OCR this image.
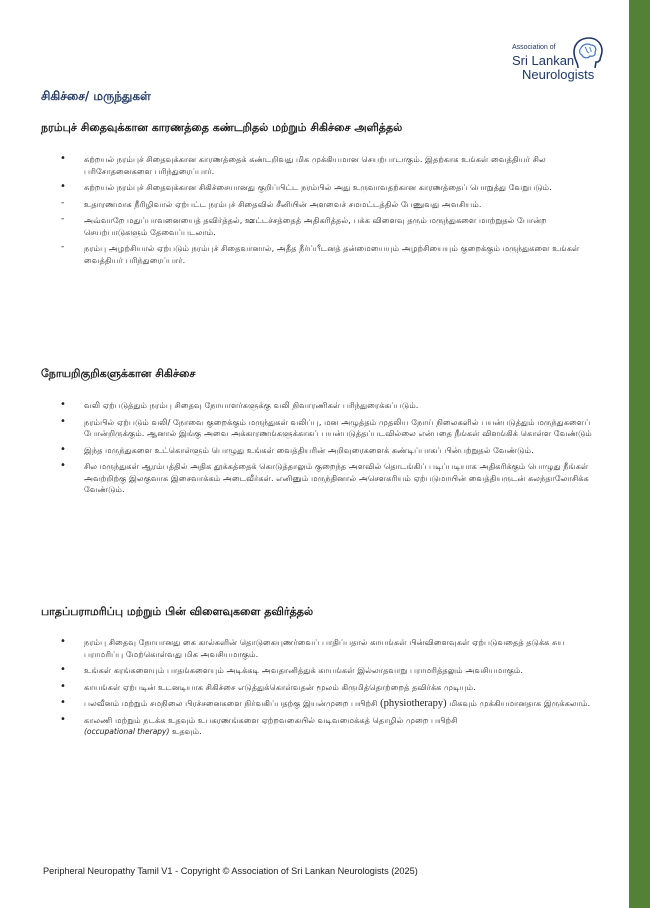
Association of
Sri Lankan
Neurologists
சிகிச்சை/ மருந்துகள்
நரம்புச் சிதைவுக்கான காரணத்தை கண்டறிதல் மற்றும் சிகிச்சை அளித்தல்
• சுற்றயல் நரம்புச் சிதைவுக்கான காரணத்தைக் கண்டறிவது மிக முக்கியமான செயற்பாடாகும். இதற்காக உங்கள் வைத்தியர் சில பரிசோதனைகளை பரிந்துரைப்பார்.
• சுற்றயல் நரம்புச் சிதைவுக்கான சிகிச்சையானது குறிப்பிட்ட நரம்பில் அது உருவாவதற்கான காரணத்தைப் பொறுத்து வேறுபடும்.
- உதாரணமாக நீரிழிவால் ஏற்பட்ட நரம்புச் சிதைவில் சீனியின் அளவைச் சமமட்டத்தில் பேணுவது அவசியம்.
- அவ்வாறே மதுப்பாவனையைத் தவிர்த்தல், ஊட்டச்சத்தைத் அதிகரித்தல், பக்க விளைவு தரும் மருந்துகளை மாற்றுதல் போன்ற செயற்பாடுகளும் தேவைப்படலாம்.
- நரம்பு அழற்சியால் ஏற்படும் நரம்புச் சிதைவானால், அதீத நீர்ப்பீடனத் தன்மையையும் அழற்சியையும் குறைக்கும் மருந்துகளை உங்கள் வைத்தியர் பரிந்துரைப்பார்.
நோயறிகுறிகளுக்கான சிகிச்சை
• வலி ஏற்படுத்தும் நரம்பு சிதைவு நோயாளர்களுக்கு வலி நிவாரணிகள் பரிந்துரைக்கப்படும்.
• நரம்பில் ஏற்படும் வலி/ நோவை குறைக்கும் மருந்துகள் வலிப்பு, மன அழுத்தம் முதலிய நோய் நிலைகளில் பயன்படுத்தும் மருந்துகளைப் போன்றிருக்கும். ஆனால் இங்கு அவை அக்காரணங்களுக்காகப் பயன்படுத்தப்படவில்லை என்பதை நீங்கள் விளங்கிக் கொள்ள வேண்டும்
• இந்த மருந்துகளை உட்கொள்ளும் பொழுது உங்கள் வைத்தியரின் அறிவுரைகளைக் கண்டிப்பாகப் பின்பற்றுதல் வேண்டும்.
• சில மருந்துகள் ஆரம்பத்தில் அதிக தூக்கத்தைக் கொடுத்தாலும் குறைந்த அளவில் தொடங்கிப் படிப்படியாக அதிகரிக்கும் பொழுது நீங்கள் அவற்றிற்கு இலகுவாக இசைவாக்கம் அடைவீர்கள். எனினும் மருந்தினால் அசௌகரியம் ஏற்படுமாயின் வைத்தியருடன் கலந்தாலோசிக்க வேண்டும்.
பாதப்பராமரிப்பு மற்றும் பின் விளைவுகளை தவிர்த்தல்
• நரம்பு சிதைவு நோயானது கை கால்களின் தொடுகையுணர்வைப் பாதிப்பதால் காயங்கள் பின்விளைவுகள் ஏற்படுவதைத் தடுக்க சுய பராமரிப்பு மேற்கொள்வது மிக அவசியமாகும்.
• உங்கள் கரங்களையும் பாதங்களையும் அடிக்கடி அவதானித்துக் காயங்கள் இல்லாதவாறு பராமரித்தலும் அவசியமாகும்.
• காயங்கள் ஏற்படின் உடனடியாக சிகிச்சை எடுத்துக்கொள்வதன் மூலம் கிருமித்தொற்றைத் தவிர்க்க முடியும்.
• பலவீனம் மற்றும் சமநிலை பிரச்சனைகளை நிர்வகிப்பதற்கு இயன்முறை பயிற்சி (physiotherapy) மிகவும் முக்கியமானதாக இருக்கலாம்.
• காலணி மற்றும் நடக்க உதவும் உபகரணங்களை ஏற்றவகையில் வடிவமைக்கத் தொழில் முறை பயிற்சி
(occupational therapy) உதவும்.
Peripheral Neuropathy Tamil V1 - Copyright © Association of Sri Lankan Neurologists (2025)
